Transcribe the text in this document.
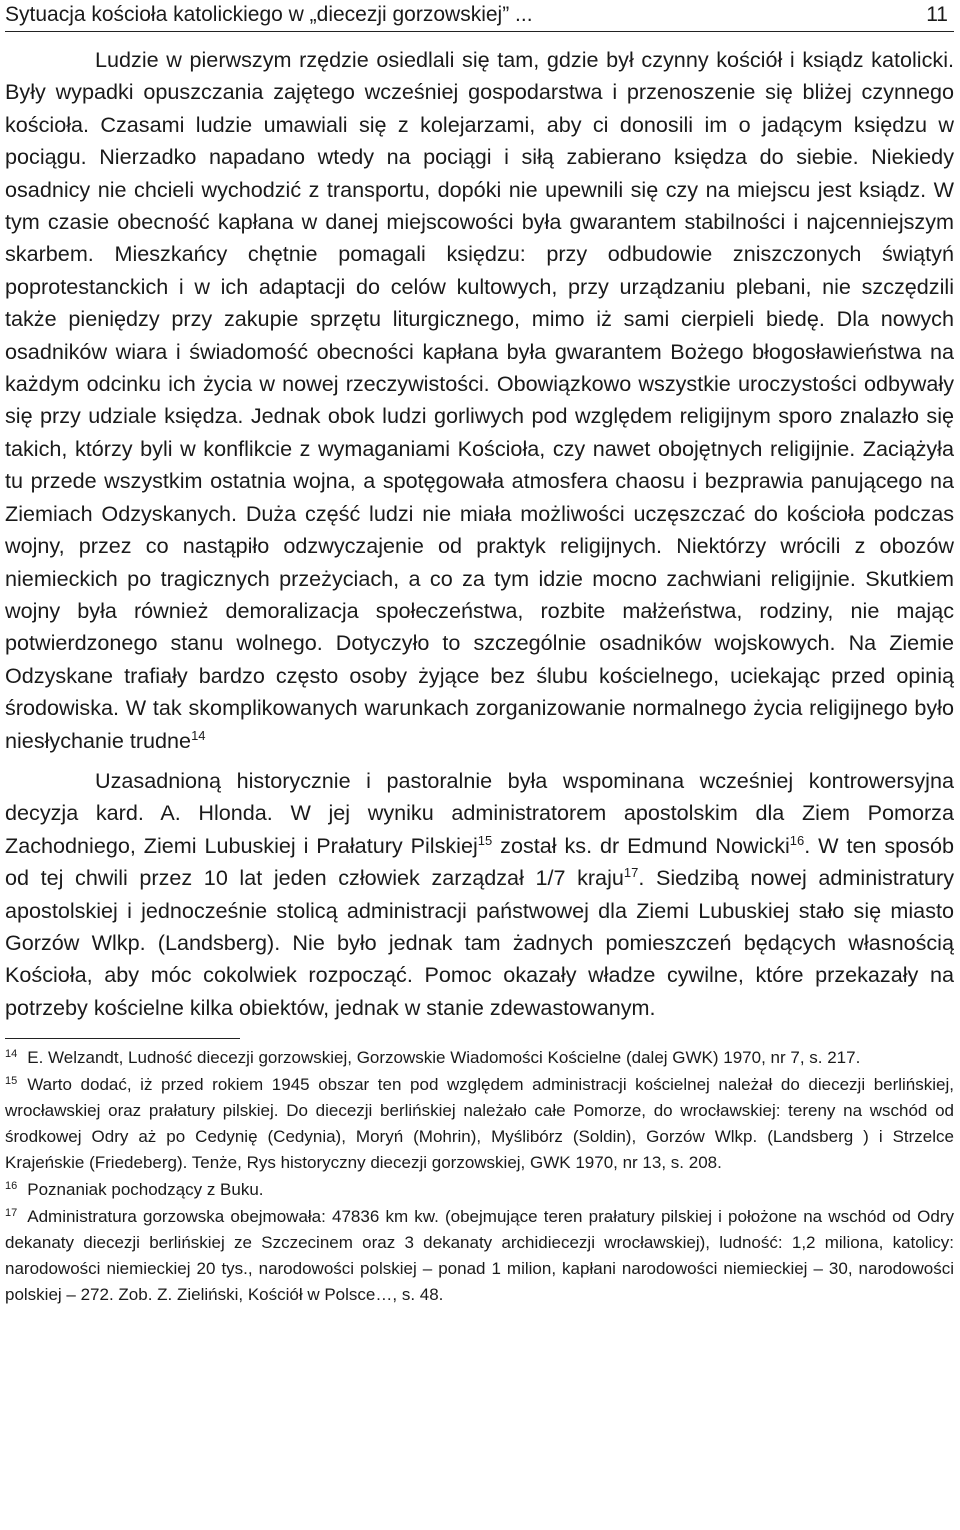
Sytuacja kościoła katolickiego w „diecezji gorzowskiej” ...	11

Ludzie w pierwszym rzędzie osiedlali się tam, gdzie był czynny kościół i ksiądz katolicki. Były wypadki opuszczania zajętego wcześniej gospodarstwa i przenoszenie się bliżej czynnego kościoła. Czasami ludzie umawiali się z kolejarzami, aby ci donosili im o jadącym księdzu w pociągu. Nierzadko napadano wtedy na pociągi i siłą zabierano księdza do siebie. Niekiedy osadnicy nie chcieli wychodzić z transportu, dopóki nie upewnili się czy na miejscu jest ksiądz. W tym czasie obecność kapłana w danej miejscowości była gwarantem stabilności i najcenniejszym skarbem. Mieszkańcy chętnie pomagali księdzu: przy odbudowie zniszczonych świątyń poprotestanckich i w ich adaptacji do celów kultowych, przy urządzaniu plebani, nie szczędzili także pieniędzy przy zakupie sprzętu liturgicznego, mimo iż sami cierpieli biedę. Dla nowych osadników wiara i świadomość obecności kapłana była gwarantem Bożego błogosławieństwa na każdym odcinku ich życia w nowej rzeczywistości. Obowiązkowo wszystkie uroczystości odbywały się przy udziale księdza. Jednak obok ludzi gorliwych pod względem religijnym sporo znalazło się takich, którzy byli w konflikcie z wymaganiami Kościoła, czy nawet obojętnych religijnie. Zaciążyła tu przede wszystkim ostatnia wojna, a spotęgowała atmosfera chaosu i bezprawia panującego na Ziemiach Odzyskanych. Duża część ludzi nie miała możliwości uczęszczać do kościoła podczas wojny, przez co nastąpiło odzwyczajenie od praktyk religijnych. Niektórzy wrócili z obozów niemieckich po tragicznych przeżyciach, a co za tym idzie mocno zachwiani religijnie. Skutkiem wojny była również demoralizacja społeczeństwa, rozbite małżeństwa, rodziny, nie mając potwierdzonego stanu wolnego. Dotyczyło to szczególnie osadników wojskowych. Na Ziemie Odzyskane trafiały bardzo często osoby żyjące bez ślubu kościelnego, uciekając przed opinią środowiska. W tak skomplikowanych warunkach zorganizowanie normalnego życia religijnego było niesłychanie trudne$^{14}$

Uzasadnioną historycznie i pastoralnie była wspominana wcześniej kontrowersyjna decyzja kard. A. Hlonda. W jej wyniku administratorem apostolskim dla Ziem Pomorza Zachodniego, Ziemi Lubuskiej i Prałatury Pilskiej$^{15}$ został ks. dr Edmund Nowicki$^{16}$. W ten sposób od tej chwili przez 10 lat jeden człowiek zarządzał 1/7 kraju$^{17}$. Siedzibą nowej administratury apostolskiej i jednocześnie stolicą administracji państwowej dla Ziemi Lubuskiej stało się miasto Gorzów Wlkp. (Landsberg). Nie było jednak tam żadnych pomieszczeń będących własnością Kościoła, aby móc cokolwiek rozpocząć. Pomoc okazały władze cywilne, które przekazały na potrzeby kościelne kilka obiektów, jednak w stanie zdewastowanym.

$^{14}$ E. Welzandt, Ludność diecezji gorzowskiej, Gorzowskie Wiadomości Kościelne (dalej GWK) 1970, nr 7, s. 217.

$^{15}$ Warto dodać, iż przed rokiem 1945 obszar ten pod względem administracji kościelnej należał do diecezji berlińskiej, wrocławskiej oraz prałatury pilskiej. Do diecezji berlińskiej należało całe Pomorze, do wrocławskiej: tereny na wschód od środkowej Odry aż po Cedynię (Cedynia), Moryń (Mohrin), Myślibórz (Soldin), Gorzów Wlkp. (Landsberg ) i Strzelce Krajeńskie (Friedeberg). Tenże, Rys historyczny diecezji gorzowskiej, GWK 1970, nr 13, s. 208.

$^{16}$ Poznaniak pochodzący z Buku.

$^{17}$ Administratura gorzowska obejmowała: 47836 km kw. (obejmujące teren prałatury pilskiej i położone na wschód od Odry dekanaty diecezji berlińskiej ze Szczecinem oraz 3 dekanaty archidiecezji wrocławskiej), ludność: 1,2 miliona, katolicy: narodowości niemieckiej 20 tys., narodowości polskiej – ponad 1 milion, kapłani narodowości niemieckiej – 30, narodowości polskiej – 272. Zob. Z. Zieliński, Kościół w Polsce…, s. 48.
